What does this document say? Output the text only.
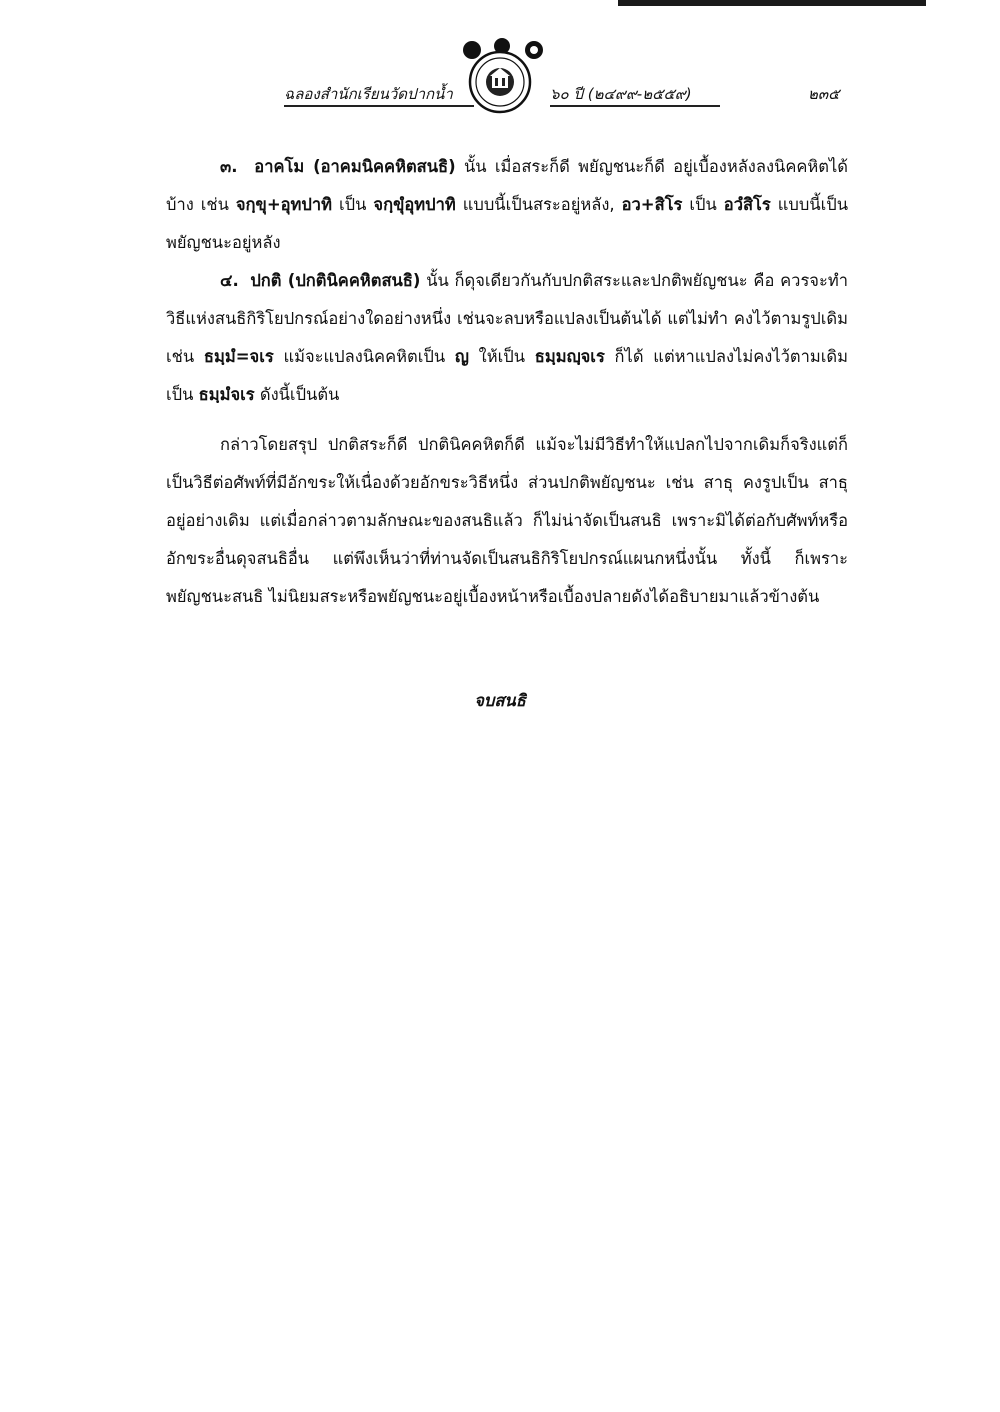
ฉลองสำนักเรียนวัดปากน้ำ	๖๐ ปี (๒๔๙๙-๒๕๕๙)	๒๓๕

๓. อาคโม (อาคมนิคคหิตสนธิ) นั้น เมื่อสระก็ดี พยัญชนะก็ดี อยู่เบื้องหลังลงนิคคหิตได้บ้าง เช่น จกฺขุ+อุทปาทิ เป็น จกฺขุํอุทปาทิ แบบนี้เป็นสระอยู่หลัง, อว+สิโร เป็น อวํสิโร แบบนี้เป็นพยัญชนะอยู่หลัง

๔. ปกติ (ปกตินิคคหิตสนธิ) นั้น ก็ดุจเดียวกันกับปกติสระและปกติพยัญชนะ คือ ควรจะทำวิธีแห่งสนธิกิริโยปกรณ์อย่างใดอย่างหนึ่ง เช่นจะลบหรือแปลงเป็นต้นได้ แต่ไม่ทำ คงไว้ตามรูปเดิม เช่น ธมฺมํ=จเร แม้จะแปลงนิคคหิตเป็น ญ ให้เป็น ธมฺมญฺจเร ก็ได้ แต่หาแปลงไม่คงไว้ตามเดิม เป็น ธมฺมํจเร ดังนี้เป็นต้น

กล่าวโดยสรุป ปกติสระก็ดี ปกตินิคคหิตก็ดี แม้จะไม่มีวิธีทำให้แปลกไปจากเดิมก็จริงแต่ก็เป็นวิธีต่อศัพท์ที่มีอักขระให้เนื่องด้วยอักขระวิธีหนึ่ง ส่วนปกติพยัญชนะ เช่น สาธุ คงรูปเป็น สาธุ อยู่อย่างเดิม แต่เมื่อกล่าวตามลักษณะของสนธิแล้ว ก็ไม่น่าจัดเป็นสนธิ เพราะมิได้ต่อกับศัพท์หรืออักขระอื่นดุจสนธิอื่น แต่พึงเห็นว่าที่ท่านจัดเป็นสนธิกิริโยปกรณ์แผนกหนึ่งนั้น ทั้งนี้ ก็เพราะพยัญชนะสนธิ ไม่นิยมสระหรือพยัญชนะอยู่เบื้องหน้าหรือเบื้องปลายดังได้อธิบายมาแล้วข้างต้น

จบสนธิ
